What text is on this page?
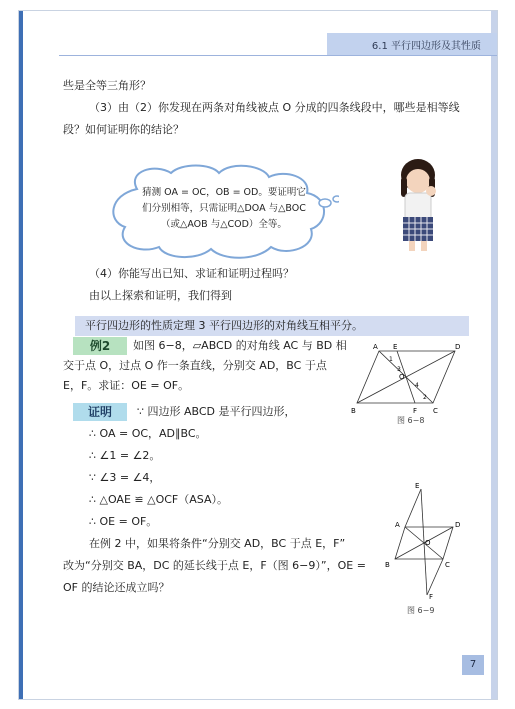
6.1 平行四边形及其性质
些是全等三角形？
（3）由（2）你发现在两条对角线被点 O 分成的四条线段中，哪些是相等线
段？如何证明你的结论？
猜测 OA = OC，OB = OD。要证明它
们分别相等，只需证明△DOA 与△BOC
（或△AOB 与△COD）全等。
（4）你能写出已知、求证和证明过程吗？
由以上探索和证明，我们得到
平行四边形的性质定理 3 平行四边形的对角线互相平分。
例2	如图 6−8，▱ABCD 的对角线 AC 与 BD 相
交于点 O，过点 O 作一条直线，分别交 AD，BC 于点
E，F。求证：OE = OF。
A E	D
B	F C
O
1
3
4
2
图 6−8
证明	∵ 四边形 ABCD 是平行四边形，
∴ OA = OC，AD∥BC。
∴ ∠1 = ∠2。
∵ ∠3 = ∠4，
∴ △OAE ≌ △OCF（ASA）。
∴ OE = OF。
在例 2 中，如果将条件“分别交 AD，BC 于点 E，F”
改为“分别交 BA，DC 的延长线于点 E，F（图 6−9）”，OE =
OF 的结论还成立吗？
E
A	D
O
B	C
F
图 6−9
7
